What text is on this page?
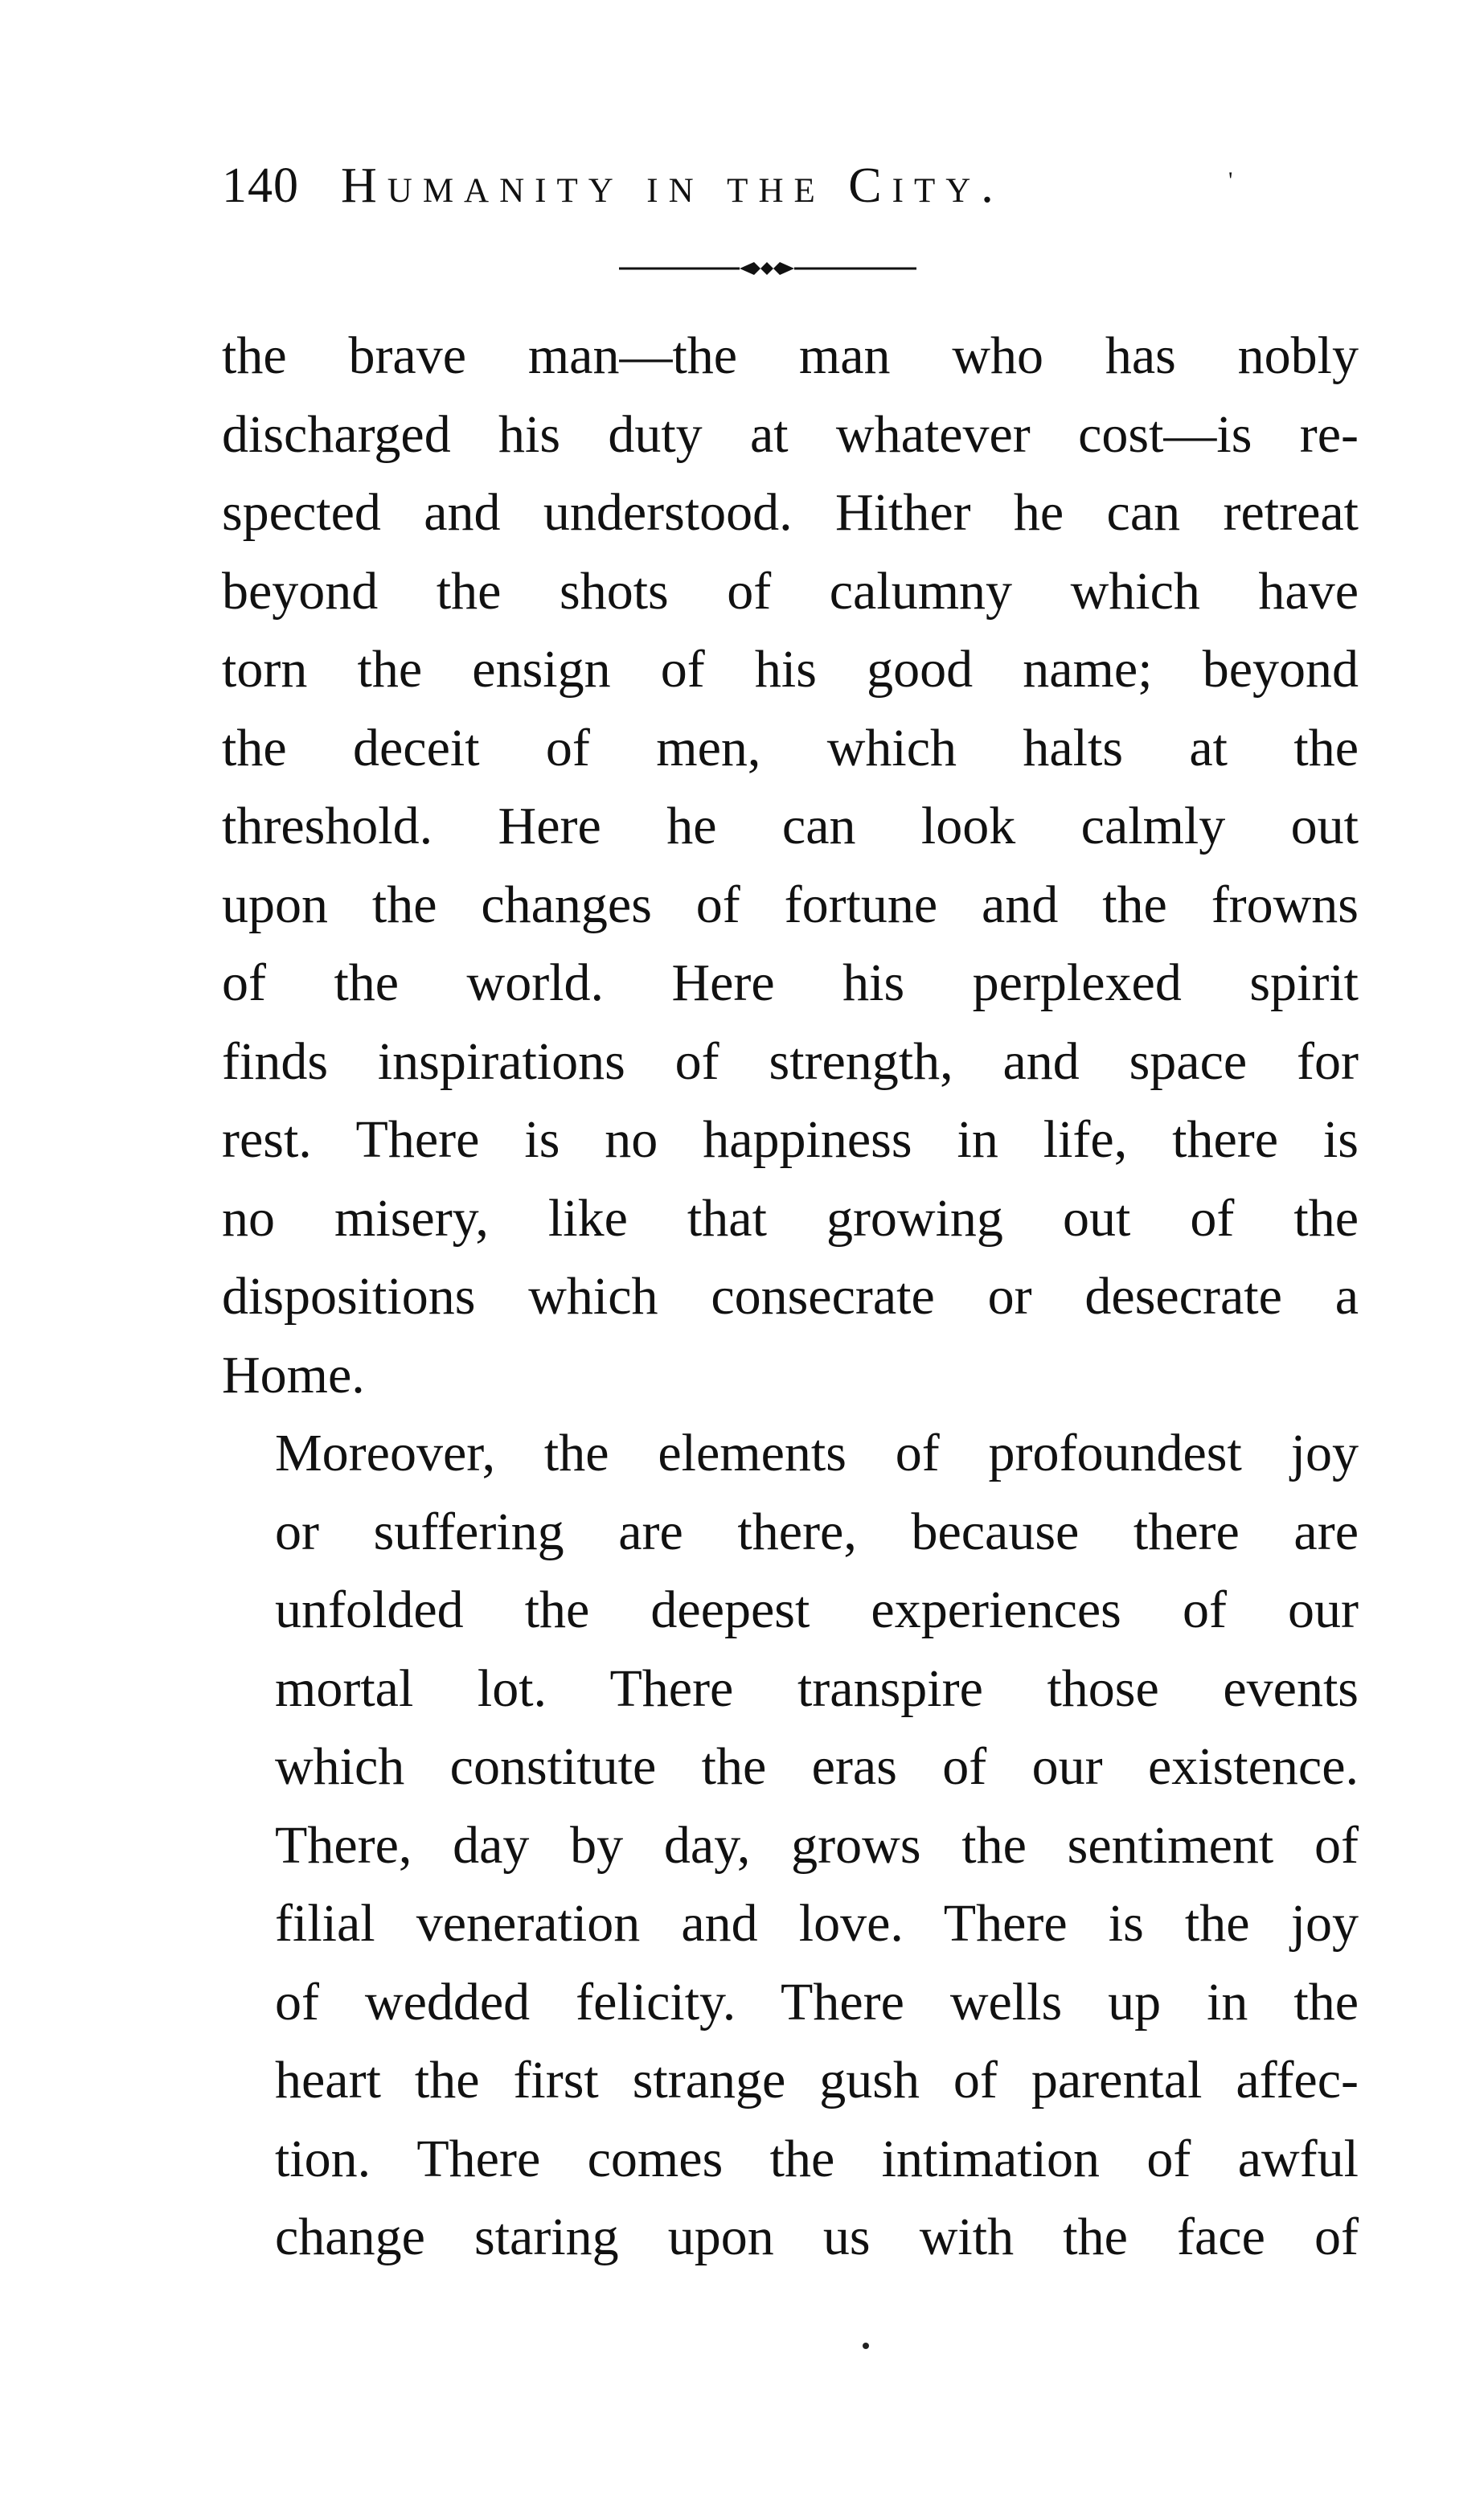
140 Humanity in the City.	'

the brave man—the man who has nobly
discharged his duty at whatever cost—is re-
spected and understood. Hither he can retreat
beyond the shots of calumny which have
torn the ensign of his good name; beyond
the deceit of men, which halts at the
threshold. Here he can look calmly out
upon the changes of fortune and the frowns
of the world. Here his perplexed spirit
finds inspirations of strength, and space for
rest. There is no happiness in life, there is
no misery, like that growing out of the
dispositions which consecrate or desecrate a
Home.

Moreover, the elements of profoundest joy
or suffering are there, because there are
unfolded the deepest experiences of our
mortal lot. There transpire those events
which constitute the eras of our existence.
There, day by day, grows the sentiment of
filial veneration and love. There is the joy
of wedded felicity. There wells up in the
heart the first strange gush of parental affec-
tion. There comes the intimation of awful
change staring upon us with the face of
